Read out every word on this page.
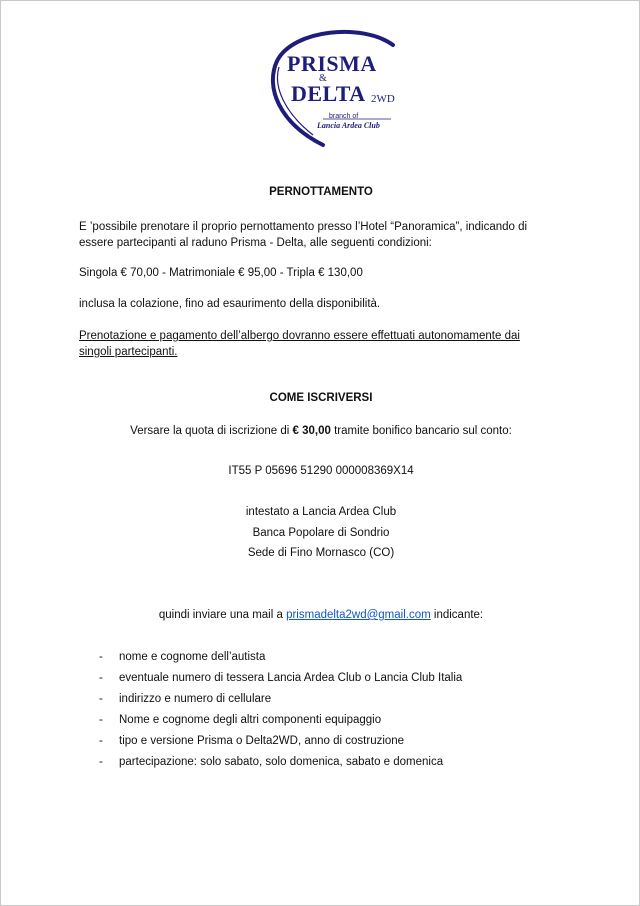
PRISMA
&
DELTA 2WD
branch of
Lancia Ardea Club
PERNOTTAMENTO
E ’possibile prenotare il proprio pernottamento presso l’Hotel “Panoramica”, indicando di
essere partecipanti al raduno Prisma - Delta, alle seguenti condizioni:
Singola € 70,00 - Matrimoniale € 95,00 - Tripla € 130,00
inclusa la colazione, fino ad esaurimento della disponibilità.
Prenotazione e pagamento dell’albergo dovranno essere effettuati autonomamente dai
singoli partecipanti.
COME ISCRIVERSI
Versare la quota di iscrizione di € 30,00 tramite bonifico bancario sul conto:
IT55 P 05696 51290 000008369X14
intestato a Lancia Ardea Club
Banca Popolare di Sondrio
Sede di Fino Mornasco (CO)
quindi inviare una mail a prismadelta2wd@gmail.com indicante:
- nome e cognome dell’autista
- eventuale numero di tessera Lancia Ardea Club o Lancia Club Italia
- indirizzo e numero di cellulare
- Nome e cognome degli altri componenti equipaggio
- tipo e versione Prisma o Delta2WD, anno di costruzione
- partecipazione: solo sabato, solo domenica, sabato e domenica
